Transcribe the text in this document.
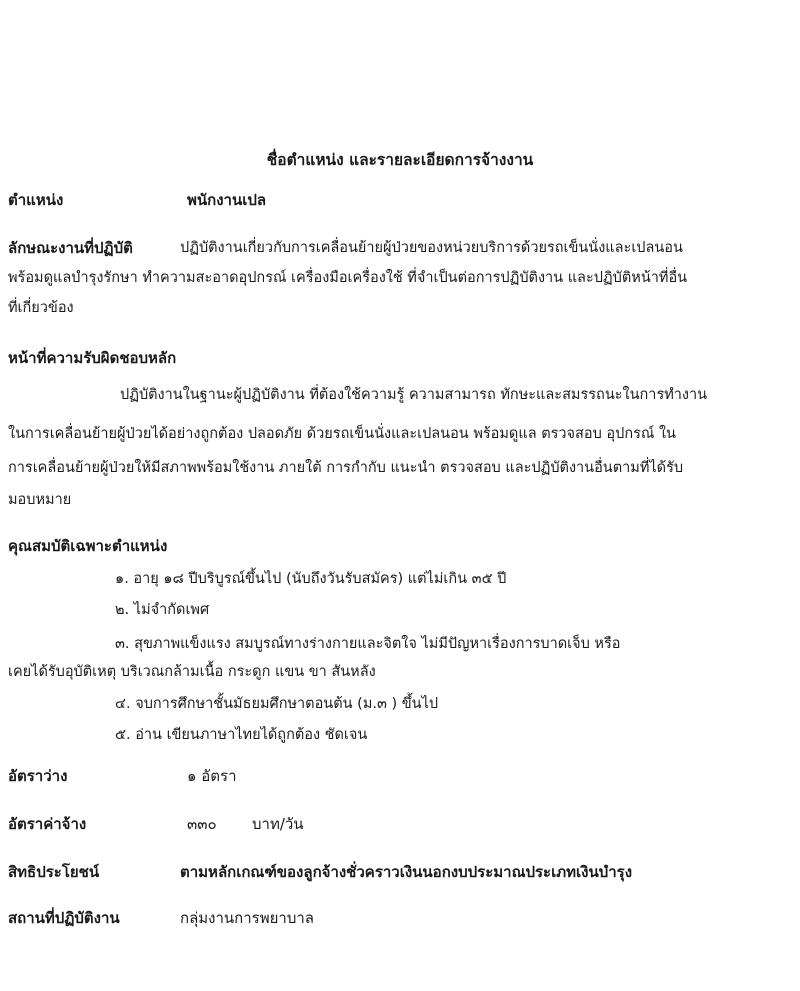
ชื่อตำแหน่ง และรายละเอียดการจ้างงาน
ตำแหน่ง	พนักงานเปล
ลักษณะงานที่ปฏิบัติ	ปฏิบัติงานเกี่ยวกับการเคลื่อนย้ายผู้ป่วยของหน่วยบริการด้วยรถเข็นนั่งและเปลนอน
พร้อมดูแลบำรุงรักษา ทำความสะอาดอุปกรณ์ เครื่องมือเครื่องใช้ ที่จำเป็นต่อการปฏิบัติงาน และปฏิบัติหน้าที่อื่น
ที่เกี่ยวข้อง
หน้าที่ความรับผิดชอบหลัก
ปฏิบัติงานในฐานะผู้ปฏิบัติงาน ที่ต้องใช้ความรู้ ความสามารถ ทักษะและสมรรถนะในการทำงาน
ในการเคลื่อนย้ายผู้ป่วยได้อย่างถูกต้อง ปลอดภัย ด้วยรถเข็นนั่งและเปลนอน พร้อมดูแล ตรวจสอบ อุปกรณ์ ใน
การเคลื่อนย้ายผู้ป่วยให้มีสภาพพร้อมใช้งาน ภายใต้ การกำกับ แนะนำ ตรวจสอบ และปฏิบัติงานอื่นตามที่ได้รับ
มอบหมาย
คุณสมบัติเฉพาะตำแหน่ง
๑. อายุ ๑๘ ปีบริบูรณ์ขึ้นไป (นับถึงวันรับสมัคร) แต่ไม่เกิน ๓๕ ปี
๒. ไม่จำกัดเพศ
๓. สุขภาพแข็งแรง สมบูรณ์ทางร่างกายและจิตใจ ไม่มีปัญหาเรื่องการบาดเจ็บ หรือ
เคยได้รับอุบัติเหตุ บริเวณกล้ามเนื้อ กระดูก แขน ขา สันหลัง
๔. จบการศึกษาชั้นมัธยมศึกษาตอนต้น (ม.๓ ) ขึ้นไป
๕. อ่าน เขียนภาษาไทยได้ถูกต้อง ชัดเจน
อัตราว่าง	๑ อัตรา
อัตราค่าจ้าง	๓๓๐ บาท/วัน
สิทธิประโยชน์	ตามหลักเกณฑ์ของลูกจ้างชั่วคราวเงินนอกงบประมาณประเภทเงินบำรุง
สถานที่ปฏิบัติงาน	กลุ่มงานการพยาบาล
